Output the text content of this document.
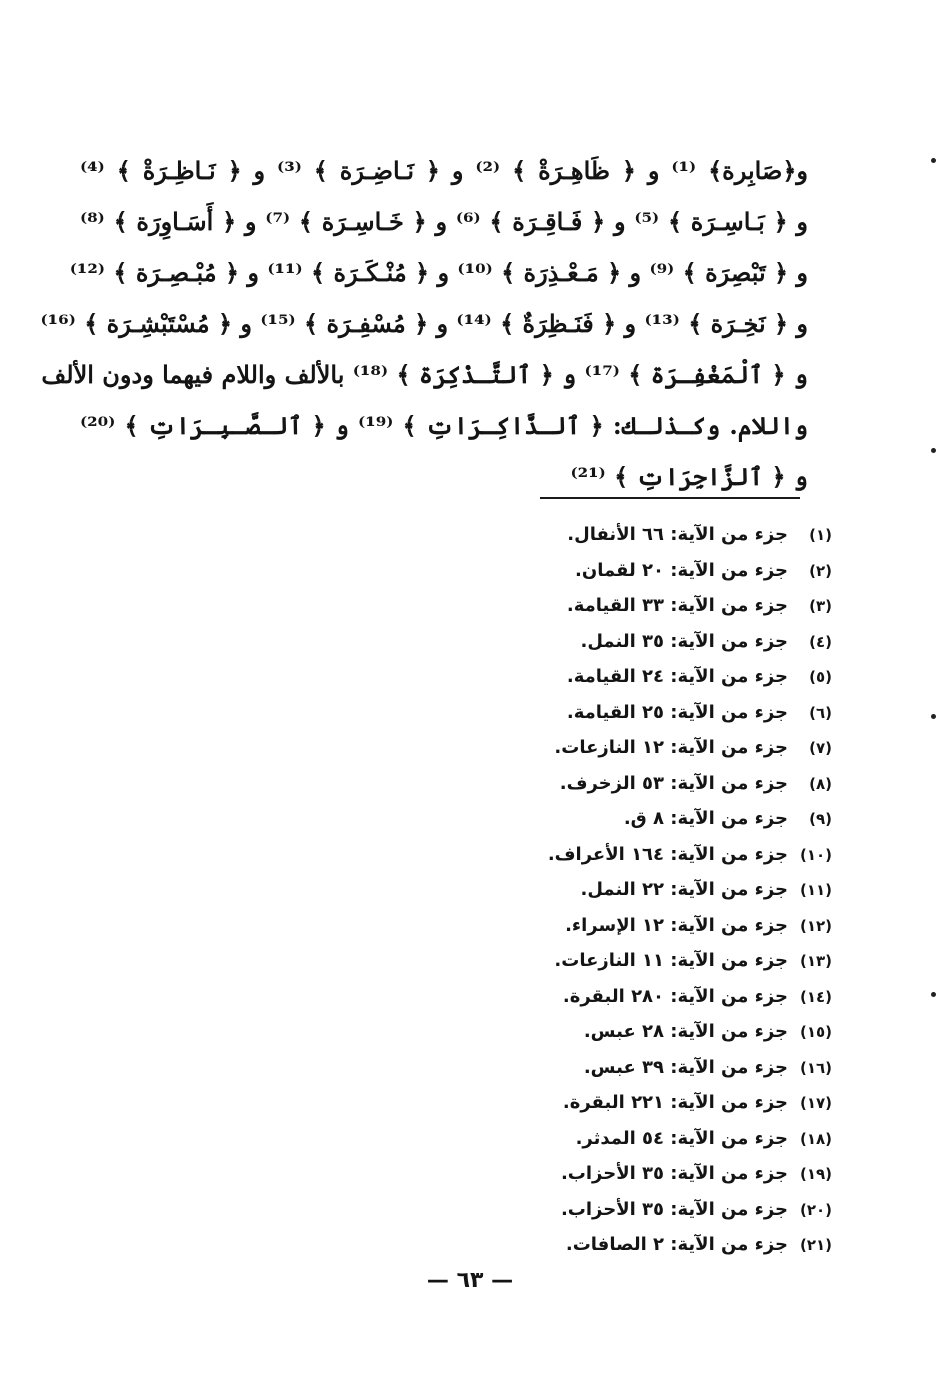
و﴿صَابِرة﴾ ⁽¹⁾ و ﴿ ظَاهِـرَةْ ﴾ ⁽²⁾ و ﴿ نَـاضِـرَة ﴾ ⁽³⁾ و ﴿ نَـاظِـرَةْ ﴾ ⁽⁴⁾
و ﴿ بَـاسِـرَة ﴾ ⁽⁵⁾ و ﴿ فَـاقِـرَة ﴾ ⁽⁶⁾ و ﴿ خَـاسِـرَة ﴾ ⁽⁷⁾ و ﴿ أَسَـاوِرَة ﴾ ⁽⁸⁾
و ﴿ تَبْصِرَة ﴾ ⁽⁹⁾ و ﴿ مَـعْـذِرَة ﴾ ⁽¹⁰⁾ و ﴿ مُنْـكَـرَة ﴾ ⁽¹¹⁾ و ﴿ مُبْـصِـرَة ﴾ ⁽¹²⁾
و ﴿ نَخِـرَة ﴾ ⁽¹³⁾ و ﴿ فَنَـظِرَةٌ ﴾ ⁽¹⁴⁾ و ﴿ مُسْفِـرَة ﴾ ⁽¹⁵⁾ و ﴿ مُسْتَبْشِـرَة ﴾ ⁽¹⁶⁾
و ﴿ ٱلْمَغْفِـرَة ﴾ ⁽¹⁷⁾ و ﴿ ٱلتَّـذْكِرَة ﴾ ⁽¹⁸⁾ بالألف واللام فيهما ودون الألف
واللام. وكـذلـك: ﴿ ٱلـذَّاكِـرَاتِ ﴾ ⁽¹⁹⁾ و ﴿ ٱلـصَّـبِـرَاتِ ﴾ ⁽²⁰⁾
و ﴿ ٱلزَّاجِرَاتِ ﴾ ⁽²¹⁾
(١)جزء من الآية: ٦٦ الأنفال.
(٢)جزء من الآية: ٢٠ لقمان.
(٣)جزء من الآية: ٣٣ القيامة.
(٤)جزء من الآية: ٣٥ النمل.
(٥)جزء من الآية: ٢٤ القيامة.
(٦)جزء من الآية: ٢٥ القيامة.
(٧)جزء من الآية: ١٢ النازعات.
(٨)جزء من الآية: ٥٣ الزخرف.
(٩)جزء من الآية: ٨ ق.
(١٠)جزء من الآية: ١٦٤ الأعراف.
(١١)جزء من الآية: ٢٢ النمل.
(١٢)جزء من الآية: ١٢ الإسراء.
(١٣)جزء من الآية: ١١ النازعات.
(١٤)جزء من الآية: ٢٨٠ البقرة.
(١٥)جزء من الآية: ٢٨ عبس.
(١٦)جزء من الآية: ٣٩ عبس.
(١٧)جزء من الآية: ٢٢١ البقرة.
(١٨)جزء من الآية: ٥٤ المدثر.
(١٩)جزء من الآية: ٣٥ الأحزاب.
(٢٠)جزء من الآية: ٣٥ الأحزاب.
(٢١)جزء من الآية: ٢ الصافات.
— ٦٣ —
